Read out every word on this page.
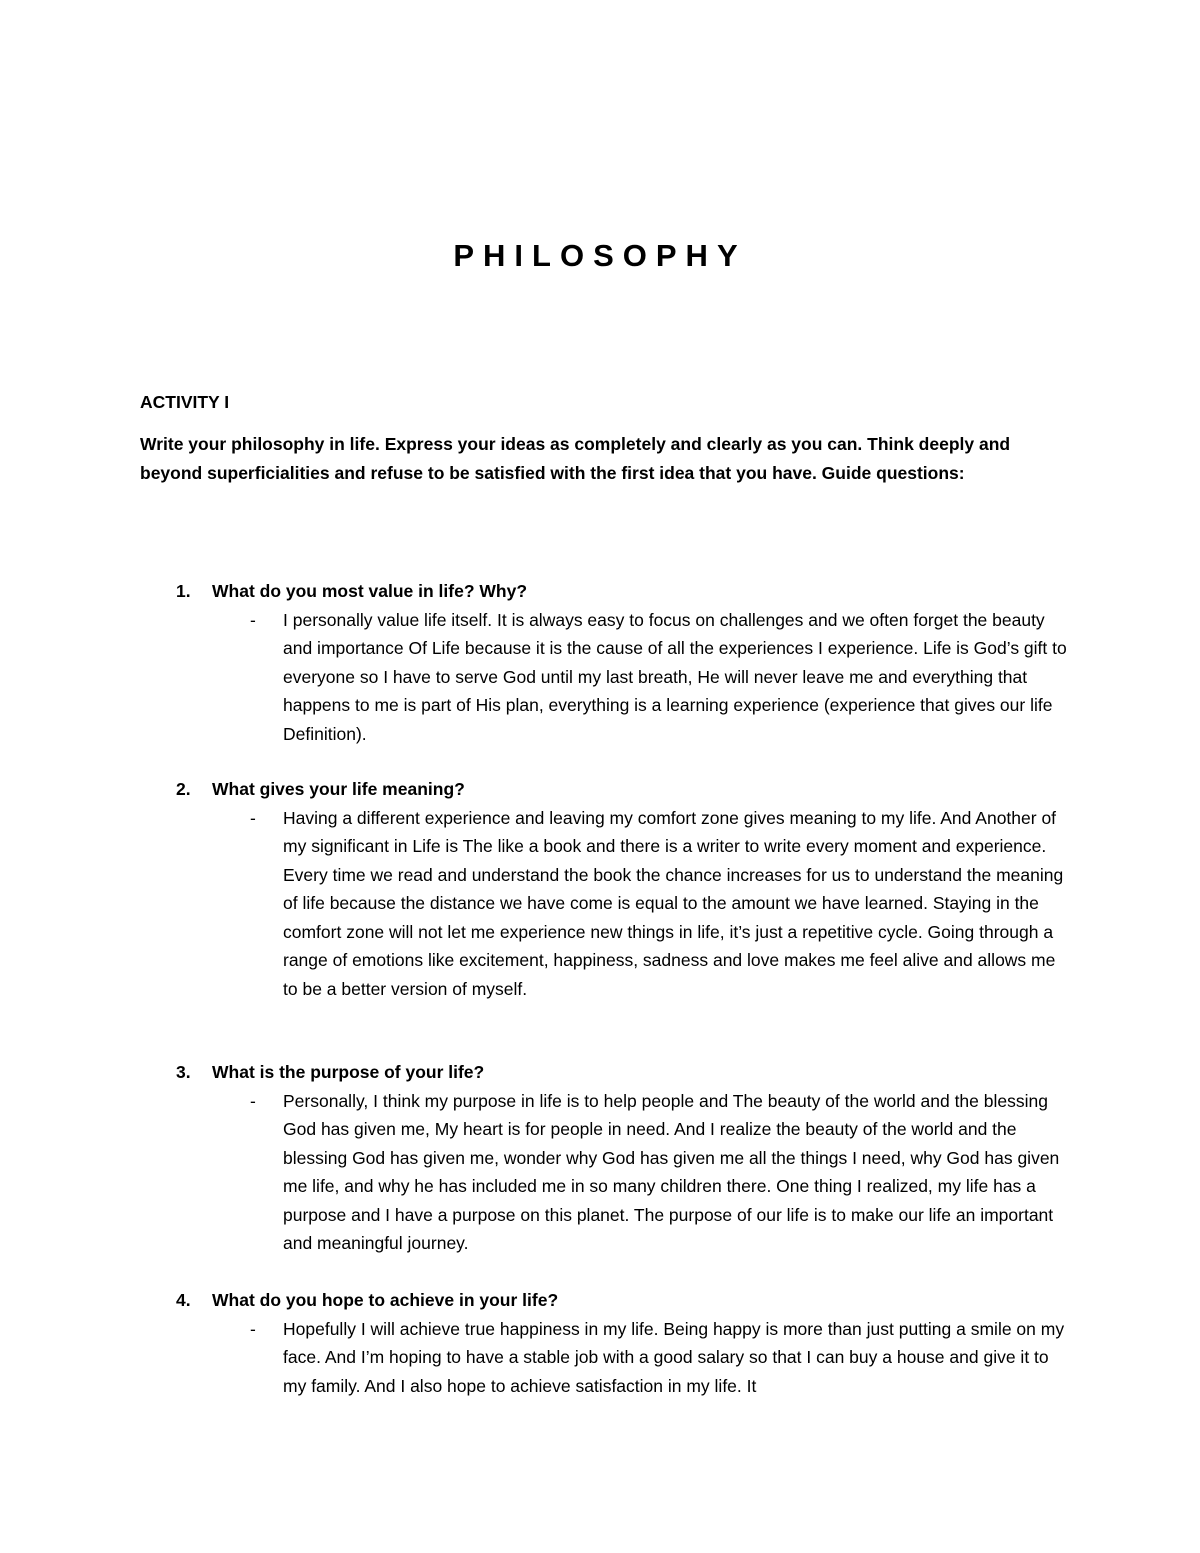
PHILOSOPHY
ACTIVITY I
Write your philosophy in life. Express your ideas as completely and clearly as you can. Think deeply and beyond superficialities and refuse to be satisfied with the first idea that you have. Guide questions:
1. What do you most value in life? Why?
- I personally value life itself. It is always easy to focus on challenges and we often forget the beauty and importance Of Life because it is the cause of all the experiences I experience. Life is God’s gift to everyone so I have to serve God until my last breath, He will never leave me and everything that happens to me is part of His plan, everything is a learning experience (experience that gives our life Definition).
2. What gives your life meaning?
- Having a different experience and leaving my comfort zone gives meaning to my life. And Another of my significant in Life is The like a book and there is a writer to write every moment and experience. Every time we read and understand the book the chance increases for us to understand the meaning of life because the distance we have come is equal to the amount we have learned. Staying in the comfort zone will not let me experience new things in life, it’s just a repetitive cycle. Going through a range of emotions like excitement, happiness, sadness and love makes me feel alive and allows me to be a better version of myself.
3. What is the purpose of your life?
- Personally, I think my purpose in life is to help people and The beauty of the world and the blessing God has given me, My heart is for people in need. And I realize the beauty of the world and the blessing God has given me, wonder why God has given me all the things I need, why God has given me life, and why he has included me in so many children there. One thing I realized, my life has a purpose and I have a purpose on this planet. The purpose of our life is to make our life an important and meaningful journey.
4. What do you hope to achieve in your life?
- Hopefully I will achieve true happiness in my life. Being happy is more than just putting a smile on my face. And I’m hoping to have a stable job with a good salary so that I can buy a house and give it to my family. And I also hope to achieve satisfaction in my life. It
